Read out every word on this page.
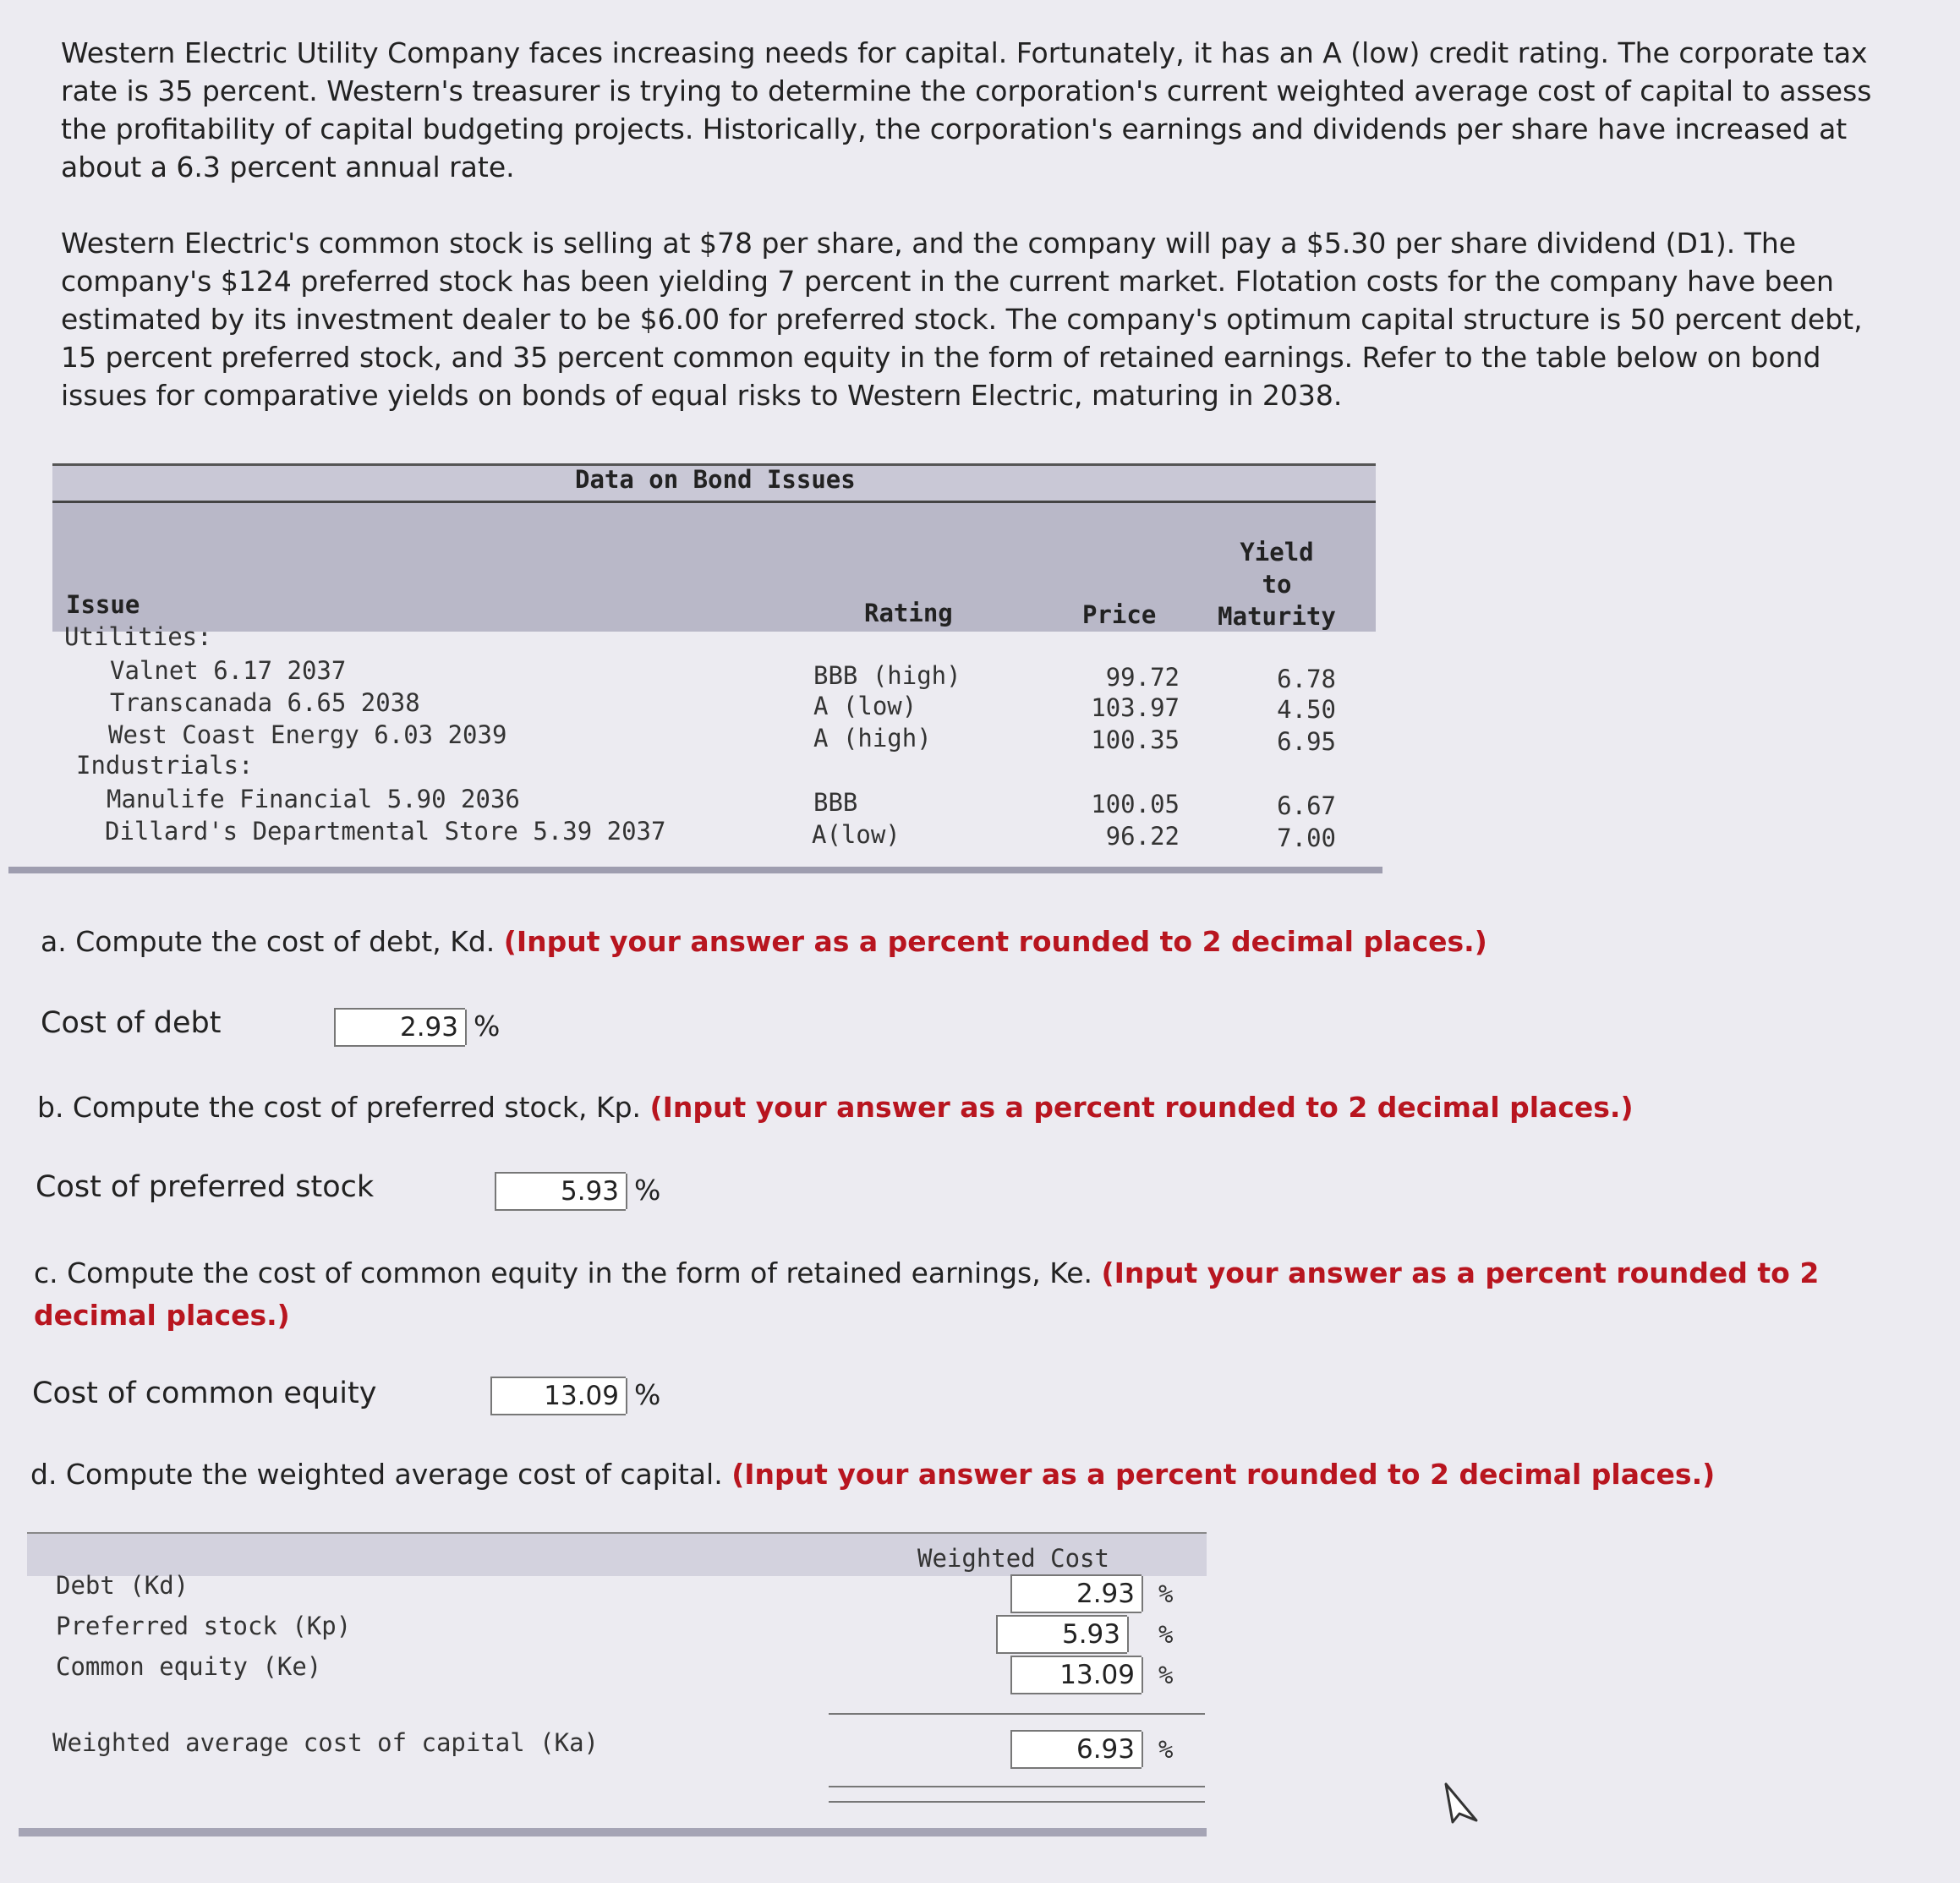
Western Electric Utility Company faces increasing needs for capital. Fortunately, it has an A (low) credit rating. The corporate tax rate is 35 percent. Western's treasurer is trying to determine the corporation's current weighted average cost of capital to assess the profitability of capital budgeting projects. Historically, the corporation's earnings and dividends per share have increased at about a 6.3 percent annual rate.

Western Electric's common stock is selling at $78 per share, and the company will pay a $5.30 per share dividend (D1). The company's $124 preferred stock has been yielding 7 percent in the current market. Flotation costs for the company have been estimated by its investment dealer to be $6.00 for preferred stock. The company's optimum capital structure is 50 percent debt, 15 percent preferred stock, and 35 percent common equity in the form of retained earnings. Refer to the table below on bond issues for comparative yields on bonds of equal risks to Western Electric, maturing in 2038.

Data on Bond Issues
Issue	Rating	Price
Yield
to
Maturity
Utilities:
Valnet 6.17 2037	BBB (high)	99.72	6.78
Transcanada 6.65 2038	A (low)	103.97	4.50
West Coast Energy 6.03 2039	A (high)	100.35	6.95
Industrials:
Manulife Financial 5.90 2036	BBB	100.05	6.67
Dillard's Departmental Store 5.39 2037	A(low)	96.22	7.00
a. Compute the cost of debt, Kd. (Input your answer as a percent rounded to 2 decimal places.)
Cost of debt	2.93 %
b. Compute the cost of preferred stock, Kp. (Input your answer as a percent rounded to 2 decimal places.)
Cost of preferred stock	5.93 %
c. Compute the cost of common equity in the form of retained earnings, Ke. (Input your answer as a percent rounded to 2
decimal places.)
Cost of common equity	13.09 %
d. Compute the weighted average cost of capital. (Input your answer as a percent rounded to 2 decimal places.)
Weighted Cost
Debt (Kd)	2.93 %
Preferred stock (Kp)	5.93	%
Common equity (Ke)	13.09 %
Weighted average cost of capital (Ka)	6.93 %
